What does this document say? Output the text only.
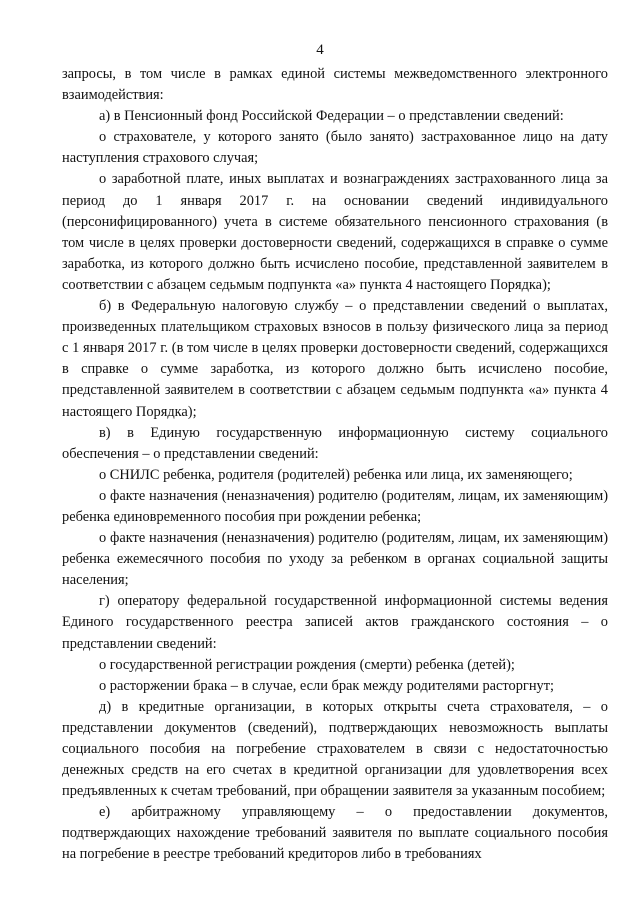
4

запросы, в том числе в рамках единой системы межведомственного электронного взаимодействия:

а) в Пенсионный фонд Российской Федерации – о представлении сведений:

о страхователе, у которого занято (было занято) застрахованное лицо на дату наступления страхового случая;

о заработной плате, иных выплатах и вознаграждениях застрахованного лица за период до 1 января 2017 г. на основании сведений индивидуального (персонифицированного) учета в системе обязательного пенсионного страхования (в том числе в целях проверки достоверности сведений, содержащихся в справке о сумме заработка, из которого должно быть исчислено пособие, представленной заявителем в соответствии с абзацем седьмым подпункта «а» пункта 4 настоящего Порядка);

б) в Федеральную налоговую службу – о представлении сведений о выплатах, произведенных плательщиком страховых взносов в пользу физического лица за период с 1 января 2017 г. (в том числе в целях проверки достоверности сведений, содержащихся в справке о сумме заработка, из которого должно быть исчислено пособие, представленной заявителем в соответствии с абзацем седьмым подпункта «а» пункта 4 настоящего Порядка);

в) в Единую государственную информационную систему социального обеспечения – о представлении сведений:

о СНИЛС ребенка, родителя (родителей) ребенка или лица, их заменяющего;

о факте назначения (неназначения) родителю (родителям, лицам, их заменяющим) ребенка единовременного пособия при рождении ребенка;

о факте назначения (неназначения) родителю (родителям, лицам, их заменяющим) ребенка ежемесячного пособия по уходу за ребенком в органах социальной защиты населения;

г) оператору федеральной государственной информационной системы ведения Единого государственного реестра записей актов гражданского состояния – о представлении сведений:

о государственной регистрации рождения (смерти) ребенка (детей);

о расторжении брака – в случае, если брак между родителями расторгнут;

д) в кредитные организации, в которых открыты счета страхователя, – о представлении документов (сведений), подтверждающих невозможность выплаты социального пособия на погребение страхователем в связи с недостаточностью денежных средств на его счетах в кредитной организации для удовлетворения всех предъявленных к счетам требований, при обращении заявителя за указанным пособием;

е) арбитражному управляющему – о предоставлении документов, подтверждающих нахождение требований заявителя по выплате социального пособия на погребение в реестре требований кредиторов либо в требованиях
